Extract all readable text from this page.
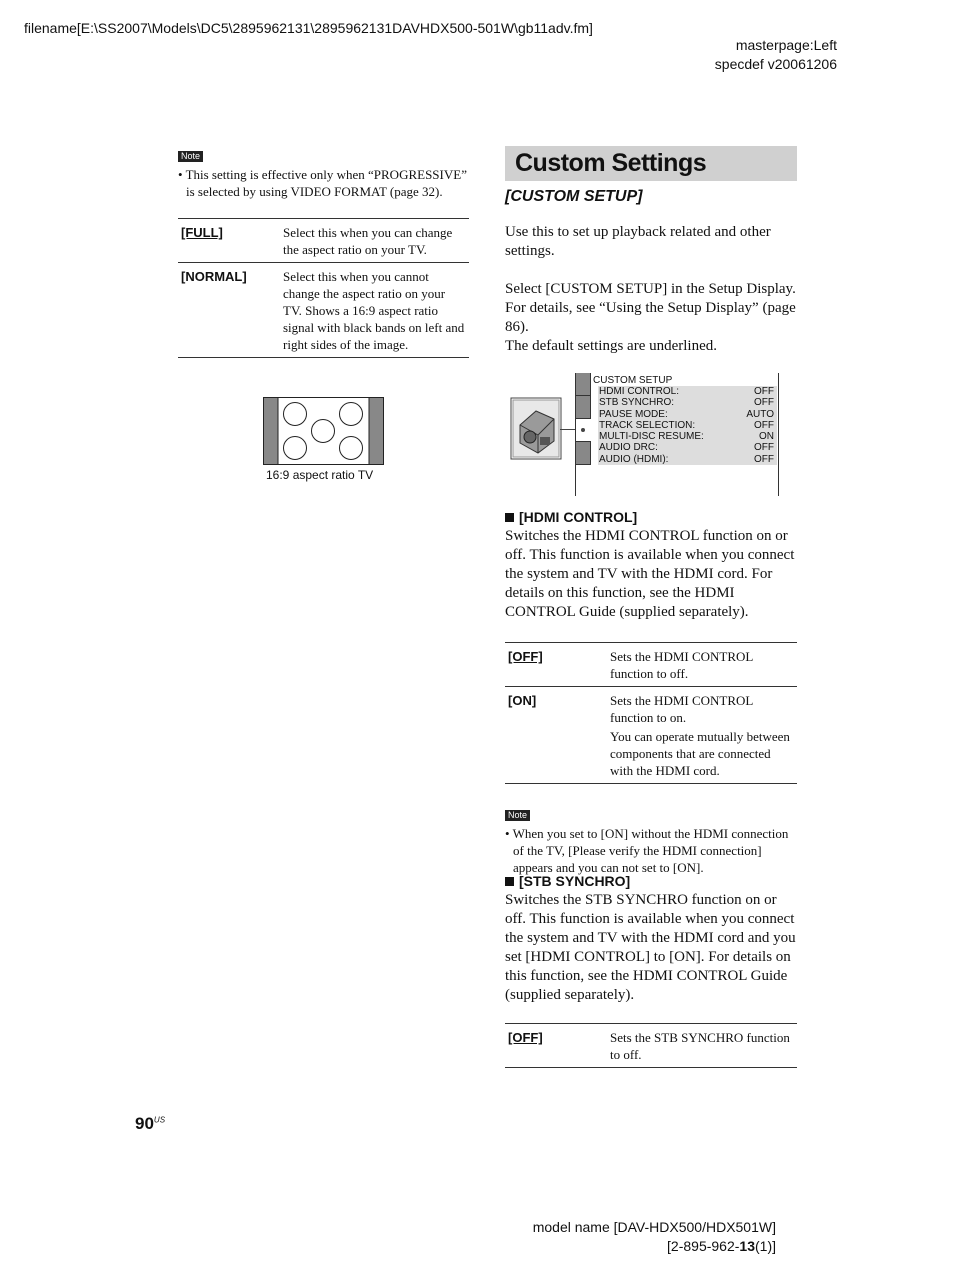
filename[E:\SS2007\Models\DC5\2895962131\2895962131DAVHDX500-501W\gb11adv.fm]
masterpage:Left
specdef v20061206
Note
• This setting is effective only when “PROGRESSIVE” is selected by using VIDEO FORMAT (page 32).
[FULL]	Select this when you can change the aspect ratio on your TV.
[NORMAL]	Select this when you cannot change the aspect ratio on your TV. Shows a 16:9 aspect ratio signal with black bands on left and right sides of the image.
16:9 aspect ratio TV
Custom Settings
[CUSTOM SETUP]
Use this to set up playback related and other settings.
Select [CUSTOM SETUP] in the Setup Display.
For details, see “Using the Setup Display” (page 86).
The default settings are underlined.
CUSTOM SETUP
HDMI CONTROL:	OFF
STB SYNCHRO:	OFF
PAUSE MODE:	AUTO
TRACK SELECTION:	OFF
MULTI-DISC RESUME:	ON
AUDIO DRC:	OFF
AUDIO (HDMI):	OFF
[HDMI CONTROL]
Switches the HDMI CONTROL function on or off. This function is available when you connect the system and TV with the HDMI cord. For details on this function, see the HDMI CONTROL Guide (supplied separately).
[OFF]	Sets the HDMI CONTROL function to off.
[ON]	Sets the HDMI CONTROL function to on.
You can operate mutually between components that are connected with the HDMI cord.
Note
• When you set to [ON] without the HDMI connection of the TV, [Please verify the HDMI connection] appears and you can not set to [ON].
[STB SYNCHRO]
Switches the STB SYNCHRO function on or off. This function is available when you connect the system and TV with the HDMI cord and you set [HDMI CONTROL] to [ON]. For details on this function, see the HDMI CONTROL Guide (supplied separately).
[OFF]	Sets the STB SYNCHRO function to off.
$90^{US}$
model name [DAV-HDX500/HDX501W]
[2-895-962-13(1)]
